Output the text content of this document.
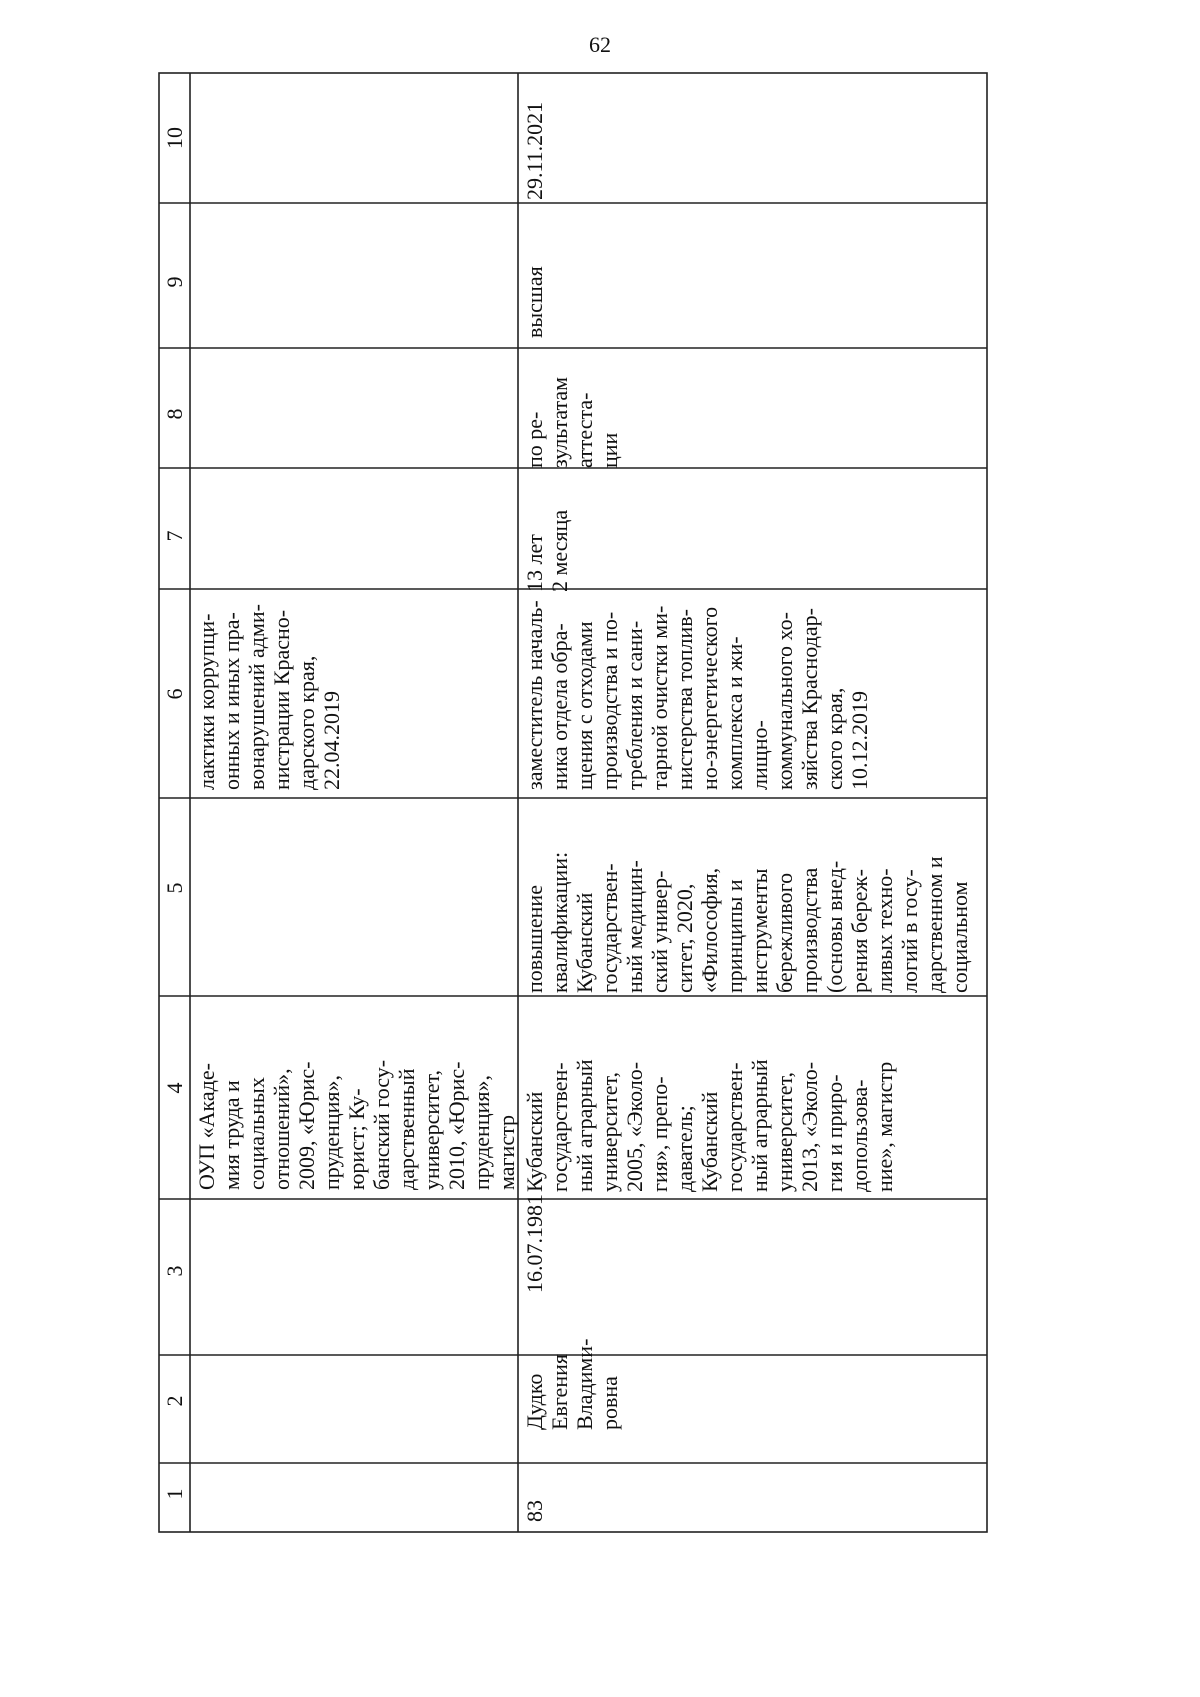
62
10
9
8
7
6
5
4
3
2
1
ОУП «Акаде-
мия труда и
социальных
отношений»,
2009, «Юрис-
пруденция»,
юрист; Ку-
банский госу-
дарственный
университет,
2010, «Юрис-
пруденция»,
магистр
лактики коррупци-
онных и иных пра-
вонарушений адми-
нистрации Красно-
дарского края,
22.04.2019
83
Дудко
Евгения
Владими-
ровна
16.07.1981
Кубанский
государствен-
ный аграрный
университет,
2005, «Эколо-
гия», препо-
даватель;
Кубанский
государствен-
ный аграрный
университет,
2013, «Эколо-
гия и приро-
допользова-
ние», магистр
повышение
квалификации:
Кубанский
государствен-
ный медицин-
ский универ-
ситет, 2020,
«Философия,
принципы и
инструменты
бережливого
производства
(основы внед-
рения береж-
ливых техно-
логий в госу-
дарственном и
социальном
заместитель началь-
ника отдела обра-
щения с отходами
производства и по-
требления и сани-
тарной очистки ми-
нистерства топлив-
но-энергетического
комплекса и жи-
лищно-
коммунального хо-
зяйства Краснодар-
ского края,
10.12.2019
13 лет
2 месяца
по ре-
зультатам
аттеста-
ции
высшая
29.11.2021
